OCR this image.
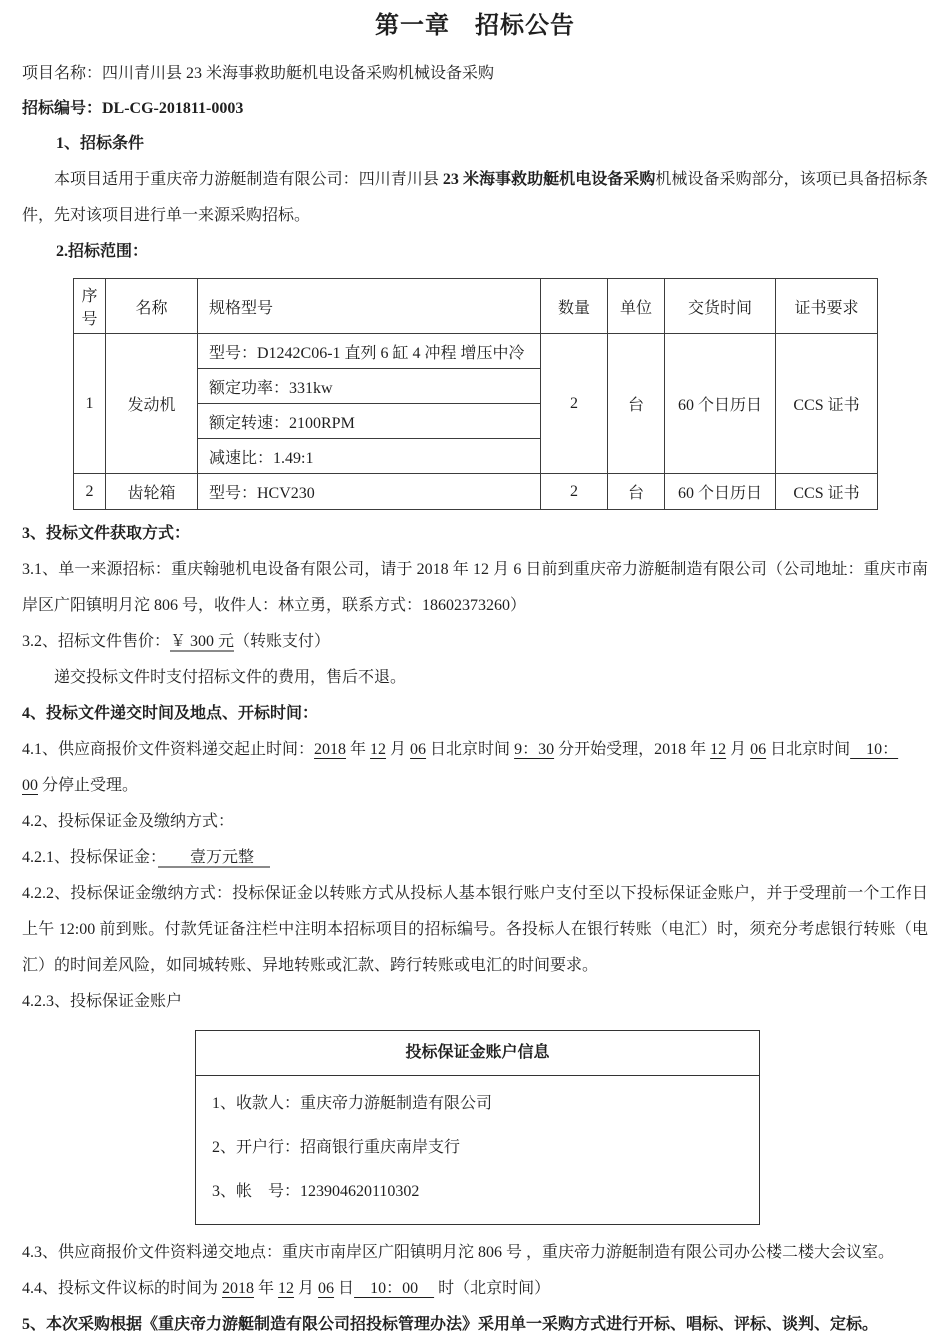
第一章　招标公告

项目名称：四川青川县 23 米海事救助艇机电设备采购机械设备采购

招标编号：DL-CG-201811-0003

1、招标条件

本项目适用于重庆帝力游艇制造有限公司：四川青川县 23 米海事救助艇机电设备采购机械设备采购部分，该项已具备招标条件，先对该项目进行单一来源采购招标。

2.招标范围：

序号	名称	规格型号	数量	单位	交货时间	证书要求
1	发动机	型号：D1242C06-1 直列 6 缸 4 冲程 增压中冷	2	台	60 个日历日	CCS 证书
		额定功率：331kw				
		额定转速：2100RPM				
		减速比：1.49:1				
2	齿轮箱	型号：HCV230	2	台	60 个日历日	CCS 证书

3、投标文件获取方式：

3.1、单一来源招标：重庆翰驰机电设备有限公司，请于 2018 年 12 月 6 日前到重庆帝力游艇制造有限公司（公司地址：重庆市南岸区广阳镇明月沱 806 号，收件人：林立勇，联系方式：18602373260）

3.2、招标文件售价：￥ 300 元（转账支付）

递交投标文件时支付招标文件的费用，售后不退。

4、投标文件递交时间及地点、开标时间：

4.1、供应商报价文件资料递交起止时间：2018 年 12 月 06 日北京时间 9：30 分开始受理，2018 年 12 月 06 日北京时间　10：
00 分停止受理。

4.2、投标保证金及缴纳方式：

4.2.1、投标保证金：　　壹万元整　

4.2.2、投标保证金缴纳方式：投标保证金以转账方式从投标人基本银行账户支付至以下投标保证金账户，并于受理前一个工作日上午 12:00 前到账。付款凭证备注栏中注明本招标项目的招标编号。各投标人在银行转账（电汇）时，须充分考虑银行转账（电汇）的时间差风险，如同城转账、异地转账或汇款、跨行转账或电汇的时间要求。

4.2.3、投标保证金账户

投标保证金账户信息

1、收款人：重庆帝力游艇制造有限公司

2、开户行：招商银行重庆南岸支行

3、帐　号：123904620110302

4.3、供应商报价文件资料递交地点：重庆市南岸区广阳镇明月沱 806 号 ，重庆帝力游艇制造有限公司办公楼二楼大会议室。

4.4、投标文件议标的时间为 2018 年 12 月 06 日　10：00　 时（北京时间）

5、本次采购根据《重庆帝力游艇制造有限公司招投标管理办法》采用单一采购方式进行开标、唱标、评标、谈判、定标。
